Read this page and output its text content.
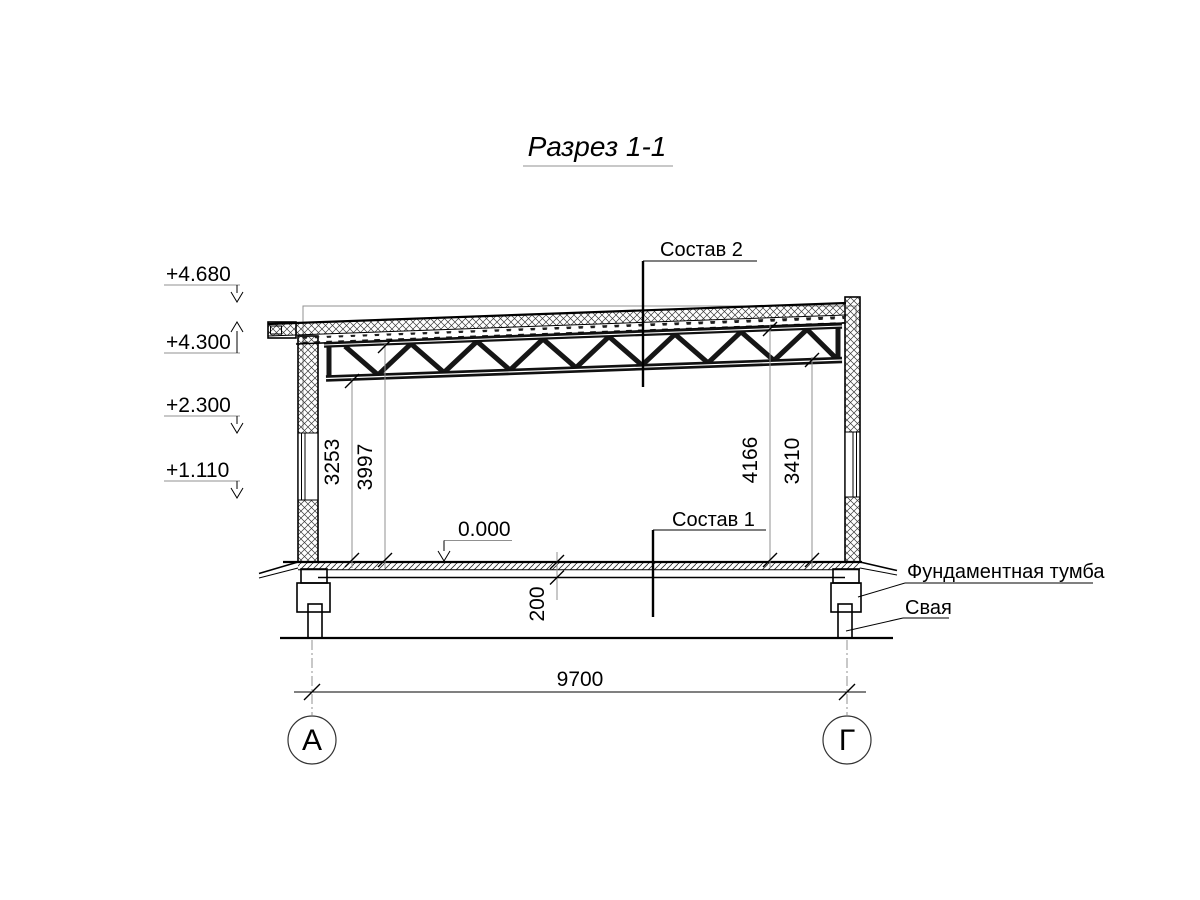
Разрез 1-1
+4.680
+4.300
+2.300
+1.110	3253 3997	4166 3410
200
0.000
Состав 2
Состав 1
Фундаментная тумба
Свая
9700
А	Г
